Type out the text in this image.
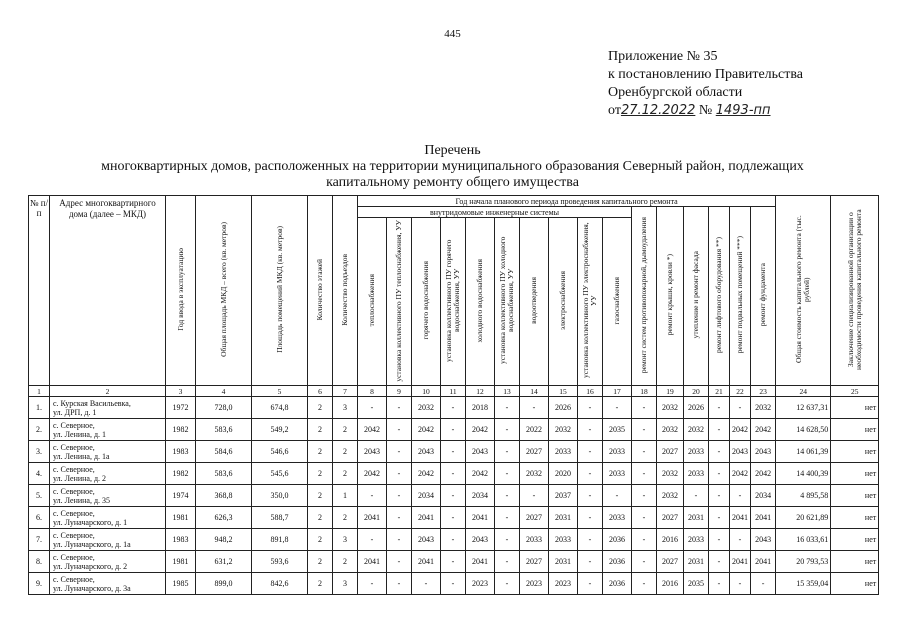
445
Приложение № 35
к постановлению Правительства
Оренбургской области
от27.12.2022 № 1493-пп
Перечень
многоквартирных домов, расположенных на территории муниципального образования Северный район, подлежащих
капитальному ремонту общего имущества
№ п/п	Адрес многоквартирного дома (далее – МКД)	Год ввода в эксплуатацию	Общая площадь МКД – всего (кв. метров)	Площадь помещений МКД (кв. метров)	Количество этажей	Количество подъездов	Год начала планового периода проведения капитального ремонта																Общая стоимость капитального ремонта (тыс. рублей)	Заключение специализированной организации о необходимости проведения капитального ремонта
							внутридомовые инженерные системы										ремонт систем противопожарной, дымоудаления	ремонт крыши, кровли *)	утепление и ремонт фасада	ремонт лифтового оборудования **)	ремонт подвальных помещений ***)	ремонт фундамента		
							теплоснабжения	установка коллективного ПУ теплоснабжения, УУ	горячего водоснабжения	установка коллективного ПУ горячего водоснабжения, УУ	холодного водоснабжения	установка коллективного ПУ холодного водоснабжения, УУ	водоотведения	электроснабжения	установка коллективного ПУ электроснабжения, УУ	газоснабжения								
1	2	3	4	5	6	7	8	9	10	11	12	13	14	15	16	17	18	19	20	21	22	23	24	25
1.	с. Курская Васильевка,
ул. ДРП, д. 1	1972	728,0	674,8	2	3	-	-	2032	-	2018	-	-	2026	-	-	-	2032	2026	-	-	2032	12 637,31	нет
2.	с. Северное,
ул. Ленина, д. 1	1982	583,6	549,2	2	2	2042	-	2042	-	2042	-	2022	2032	-	2035	-	2032	2032	-	2042	2042	14 628,50	нет
3.	с. Северное,
ул. Ленина, д. 1а	1983	584,6	546,6	2	2	2043	-	2043	-	2043	-	2027	2033	-	2033	-	2027	2033	-	2043	2043	14 061,39	нет
4.	с. Северное,
ул. Ленина, д. 2	1982	583,6	545,6	2	2	2042	-	2042	-	2042	-	2032	2020	-	2033	-	2032	2033	-	2042	2042	14 400,39	нет
5.	с. Северное,
ул. Ленина, д. 35	1974	368,8	350,0	2	1	-	-	2034	-	2034	-	-	2037	-	-	-	2032	-	-	-	2034	4 895,58	нет
6.	с. Северное,
ул. Луначарского, д. 1	1981	626,3	588,7	2	2	2041	-	2041	-	2041	-	2027	2031	-	2033	-	2027	2031	-	2041	2041	20 621,89	нет
7.	с. Северное,
ул. Луначарского, д. 1а	1983	948,2	891,8	2	3	-	-	2043	-	2043	-	2033	2033	-	2036	-	2016	2033	-	-	2043	16 033,61	нет
8.	с. Северное,
ул. Луначарского, д. 2	1981	631,2	593,6	2	2	2041	-	2041	-	2041	-	2027	2031	-	2036	-	2027	2031	-	2041	2041	20 793,53	нет
9.	с. Северное,
ул. Луначарского, д. 3а	1985	899,0	842,6	2	3	-	-	-	-	2023	-	2023	2023	-	2036	-	2016	2035	-	-	-	15 359,04	нет
